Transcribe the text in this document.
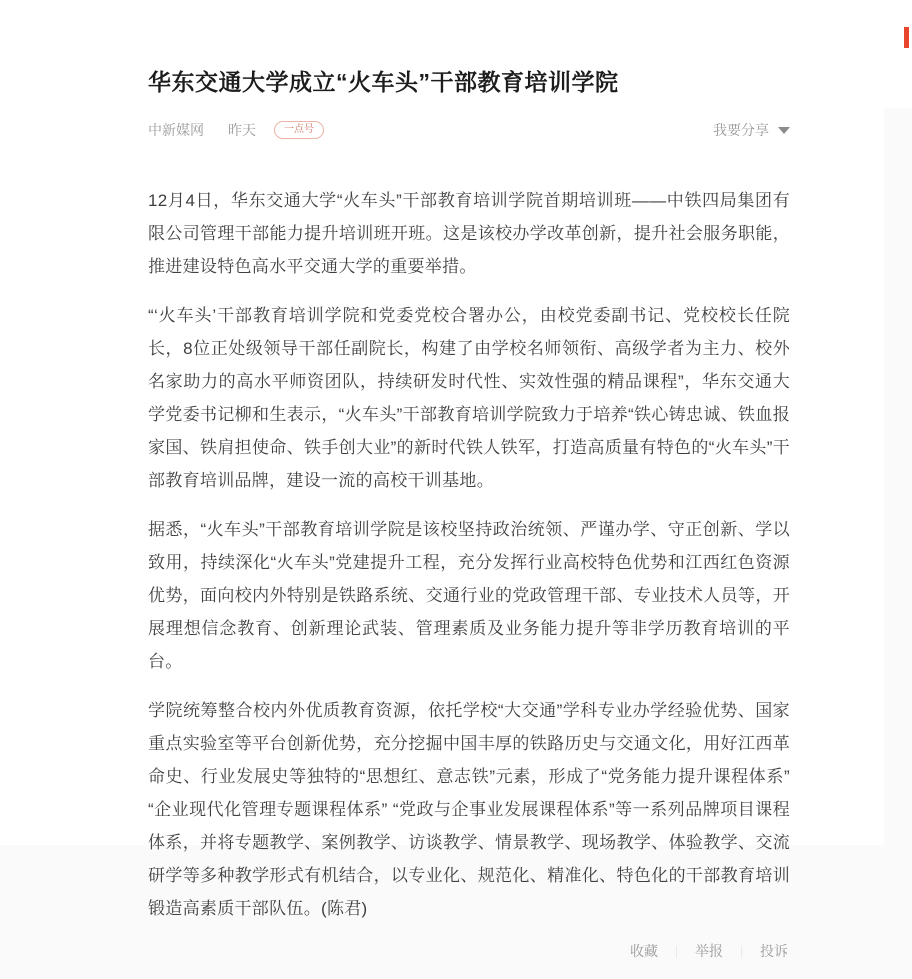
华东交通大学成立“火车头”干部教育培训学院
中新媒网 昨天	一点号	我要分享

12月4日，华东交通大学“火车头”干部教育培训学院首期培训班——中铁四局集团有限公司管理干部能力提升培训班开班。这是该校办学改革创新，提升社会服务职能，推进建设特色高水平交通大学的重要举措。

“‘火车头’干部教育培训学院和党委党校合署办公，由校党委副书记、党校校长任院长，8位正处级领导干部任副院长，构建了由学校名师领衔、高级学者为主力、校外名家助力的高水平师资团队，持续研发时代性、实效性强的精品课程”，华东交通大学党委书记柳和生表示，“火车头”干部教育培训学院致力于培养“铁心铸忠诚、铁血报家国、铁肩担使命、铁手创大业”的新时代铁人铁军，打造高质量有特色的“火车头”干部教育培训品牌，建设一流的高校干训基地。

据悉，“火车头”干部教育培训学院是该校坚持政治统领、严谨办学、守正创新、学以致用，持续深化“火车头”党建提升工程，充分发挥行业高校特色优势和江西红色资源优势，面向校内外特别是铁路系统、交通行业的党政管理干部、专业技术人员等，开展理想信念教育、创新理论武装、管理素质及业务能力提升等非学历教育培训的平台。

学院统筹整合校内外优质教育资源，依托学校“大交通”学科专业办学经验优势、国家重点实验室等平台创新优势，充分挖掘中国丰厚的铁路历史与交通文化，用好江西革命史、行业发展史等独特的“思想红、意志铁”元素，形成了“党务能力提升课程体系” “企业现代化管理专题课程体系” “党政与企事业发展课程体系”等一系列品牌项目课程体系，并将专题教学、案例教学、访谈教学、情景教学、现场教学、体验教学、交流研学等多种教学形式有机结合，以专业化、规范化、精准化、特色化的干部教育培训锻造高素质干部队伍。(陈君)

收藏 ｜ 举报 ｜ 投诉
